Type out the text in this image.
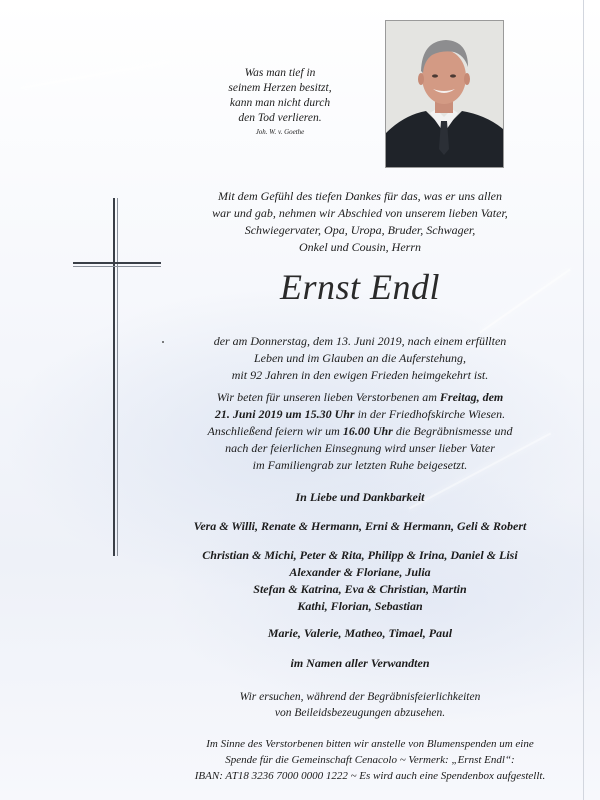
Was man tief in
seinem Herzen besitzt,
kann man nicht durch
den Tod verlieren.
Joh. W. v. Goethe
Mit dem Gefühl des tiefen Dankes für das, was er uns allen
war und gab, nehmen wir Abschied von unserem lieben Vater,
Schwiegervater, Opa, Uropa, Bruder, Schwager,
Onkel und Cousin, Herrn
Ernst Endl
der am Donnerstag, dem 13. Juni 2019, nach einem erfüllten
Leben und im Glauben an die Auferstehung,
mit 92 Jahren in den ewigen Frieden heimgekehrt ist.
Wir beten für unseren lieben Verstorbenen am Freitag, dem
21. Juni 2019 um 15.30 Uhr in der Friedhofskirche Wiesen.
Anschließend feiern wir um 16.00 Uhr die Begräbnismesse und
nach der feierlichen Einsegnung wird unser lieber Vater
im Familiengrab zur letzten Ruhe beigesetzt.
In Liebe und Dankbarkeit
Vera & Willi, Renate & Hermann, Erni & Hermann, Geli & Robert
Christian & Michi, Peter & Rita, Philipp & Irina, Daniel & Lisi
Alexander & Floriane, Julia
Stefan & Katrina, Eva & Christian, Martin
Kathi, Florian, Sebastian
Marie, Valerie, Matheo, Timael, Paul
im Namen aller Verwandten
Wir ersuchen, während der Begräbnisfeierlichkeiten
von Beileidsbezeugungen abzusehen.
Im Sinne des Verstorbenen bitten wir anstelle von Blumenspenden um eine
Spende für die Gemeinschaft Cenacolo ~ Vermerk: „Ernst Endl“:
IBAN: AT18 3236 7000 0000 1222 ~ Es wird auch eine Spendenbox aufgestellt.
